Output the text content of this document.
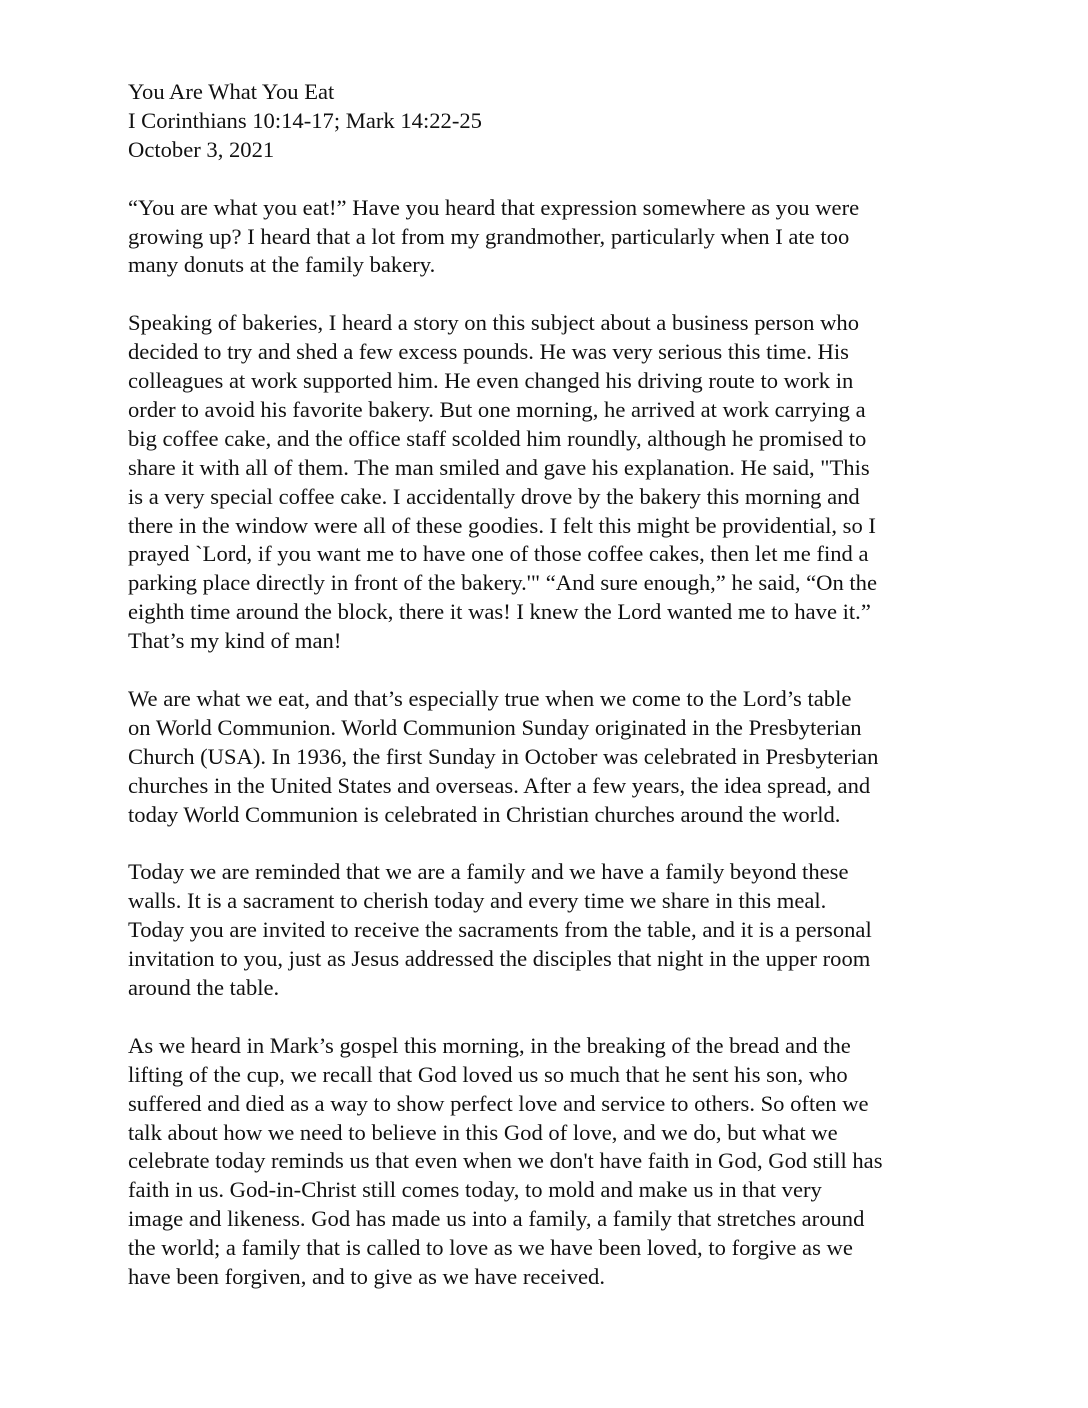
You Are What You Eat
I Corinthians 10:14-17; Mark 14:22-25
October 3, 2021

“You are what you eat!” Have you heard that expression somewhere as you were
growing up? I heard that a lot from my grandmother, particularly when I ate too
many donuts at the family bakery.

Speaking of bakeries, I heard a story on this subject about a business person who
decided to try and shed a few excess pounds. He was very serious this time. His
colleagues at work supported him. He even changed his driving route to work in
order to avoid his favorite bakery. But one morning, he arrived at work carrying a
big coffee cake, and the office staff scolded him roundly, although he promised to
share it with all of them. The man smiled and gave his explanation. He said, "This
is a very special coffee cake. I accidentally drove by the bakery this morning and
there in the window were all of these goodies. I felt this might be providential, so I
prayed `Lord, if you want me to have one of those coffee cakes, then let me find a
parking place directly in front of the bakery.'" “And sure enough,” he said, “On the
eighth time around the block, there it was! I knew the Lord wanted me to have it.”
That’s my kind of man!

We are what we eat, and that’s especially true when we come to the Lord’s table
on World Communion. World Communion Sunday originated in the Presbyterian
Church (USA). In 1936, the first Sunday in October was celebrated in Presbyterian
churches in the United States and overseas. After a few years, the idea spread, and
today World Communion is celebrated in Christian churches around the world.

Today we are reminded that we are a family and we have a family beyond these
walls. It is a sacrament to cherish today and every time we share in this meal.
Today you are invited to receive the sacraments from the table, and it is a personal
invitation to you, just as Jesus addressed the disciples that night in the upper room
around the table.

As we heard in Mark’s gospel this morning, in the breaking of the bread and the
lifting of the cup, we recall that God loved us so much that he sent his son, who
suffered and died as a way to show perfect love and service to others. So often we
talk about how we need to believe in this God of love, and we do, but what we
celebrate today reminds us that even when we don't have faith in God, God still has
faith in us. God-in-Christ still comes today, to mold and make us in that very
image and likeness. God has made us into a family, a family that stretches around
the world; a family that is called to love as we have been loved, to forgive as we
have been forgiven, and to give as we have received.
